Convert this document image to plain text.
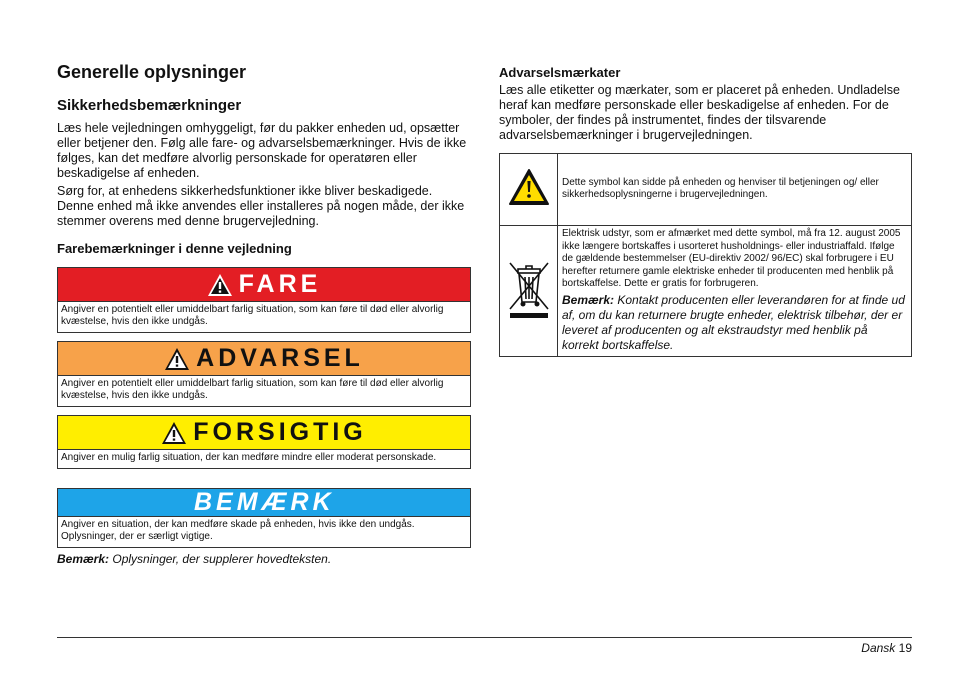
Generelle oplysninger
Sikkerhedsbemærkninger

Læs hele vejledningen omhyggeligt, før du pakker enheden ud, opsætter eller betjener den. Følg alle fare- og advarselsbemærkninger. Hvis de ikke følges, kan det medføre alvorlig personskade for operatøren eller beskadigelse af enheden.

Sørg for, at enhedens sikkerhedsfunktioner ikke bliver beskadigede. Denne enhed må ikke anvendes eller installeres på nogen måde, der ikke stemmer overens med denne brugervejledning.

Farebemærkninger i denne vejledning
FARE
Angiver en potentielt eller umiddelbart farlig situation, som kan føre til død eller alvorlig kvæstelse, hvis den ikke undgås.
ADVARSEL
Angiver en potentielt eller umiddelbart farlig situation, som kan føre til død eller alvorlig kvæstelse, hvis den ikke undgås.
FORSIGTIG
Angiver en mulig farlig situation, der kan medføre mindre eller moderat personskade.
BEMÆRK
Angiver en situation, der kan medføre skade på enheden, hvis ikke den undgås. Oplysninger, der er særligt vigtige.

Bemærk: Oplysninger, der supplerer hovedteksten.

Advarselsmærkater

Læs alle etiketter og mærkater, som er placeret på enheden. Undladelse heraf kan medføre personskade eller beskadigelse af enheden. For de symboler, der findes på instrumentet, findes der tilsvarende advarselsbemærkninger i brugervejledningen.

	Dette symbol kan sidde på enheden og henviser til betjeningen og/ eller sikkerhedsoplysningerne i brugervejledningen.

Elektrisk udstyr, som er afmærket med dette symbol, må fra 12. august 2005 ikke længere bortskaffes i usorteret husholdnings- eller industriaffald. Ifølge de gældende bestemmelser (EU-direktiv 2002/ 96/EC) skal forbrugere i EU herefter returnere gamle elektriske enheder til producenten med henblik på bortskaffelse. Dette er gratis for forbrugeren.
Bemærk: Kontakt producenten eller leverandøren for at finde ud af, om du kan returnere brugte enheder, elektrisk tilbehør, der er leveret af producenten og alt ekstraudstyr med henblik på korrekt bortskaffelse.
Dansk 19
